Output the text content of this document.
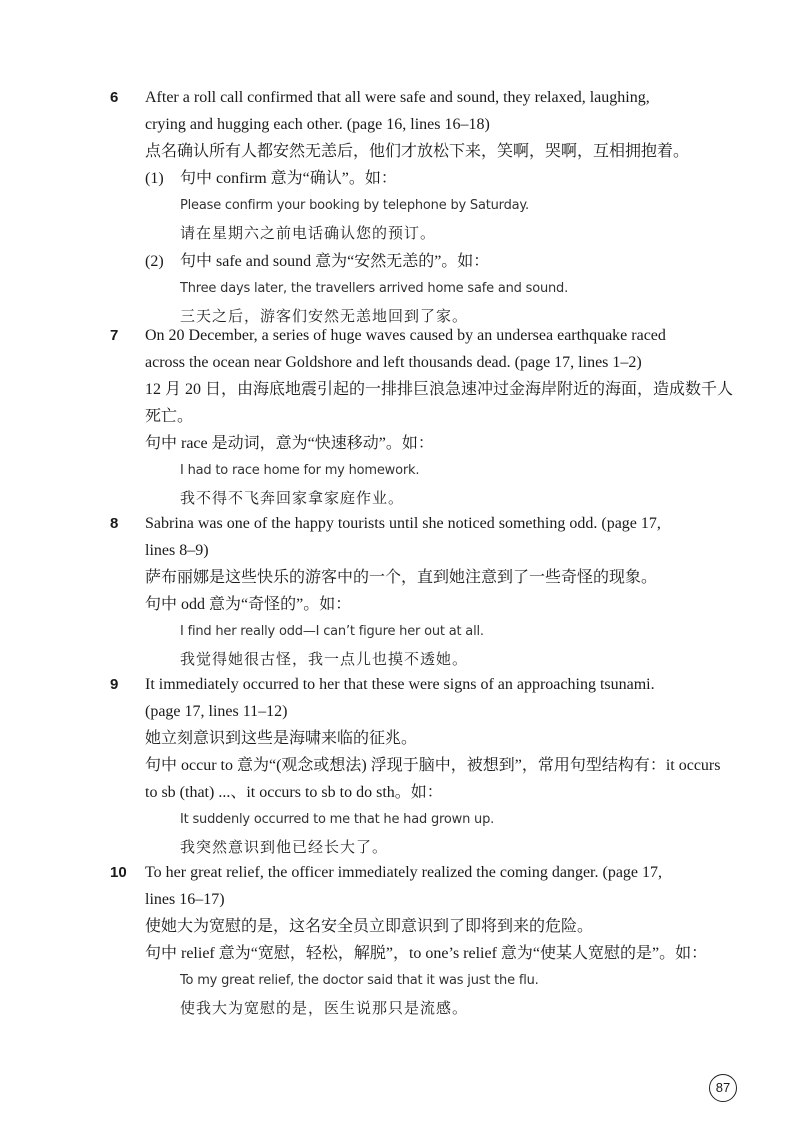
6	After a roll call confirmed that all were safe and sound, they relaxed, laughing,
crying and hugging each other. (page 16, lines 16–18)
点名确认所有人都安然无恙后，他们才放松下来，笑啊，哭啊，互相拥抱着。
(1) 句中 confirm 意为“确认”。如：
Please confirm your booking by telephone by Saturday.
请在星期六之前电话确认您的预订。
(2) 句中 safe and sound 意为“安然无恙的”。如：
Three days later, the travellers arrived home safe and sound.
三天之后，游客们安然无恙地回到了家。
7	On 20 December, a series of huge waves caused by an undersea earthquake raced
across the ocean near Goldshore and left thousands dead. (page 17, lines 1–2)
12 月 20 日，由海底地震引起的一排排巨浪急速冲过金海岸附近的海面，造成数千人
死亡。
句中 race 是动词，意为“快速移动”。如：
I had to race home for my homework.
我不得不飞奔回家拿家庭作业。
8	Sabrina was one of the happy tourists until she noticed something odd. (page 17,
lines 8–9)
萨布丽娜是这些快乐的游客中的一个，直到她注意到了一些奇怪的现象。
句中 odd 意为“奇怪的”。如：
I find her really odd—I can’t figure her out at all.
我觉得她很古怪，我一点儿也摸不透她。
9	It immediately occurred to her that these were signs of an approaching tsunami.
(page 17, lines 11–12)
她立刻意识到这些是海啸来临的征兆。
句中 occur to 意为“(观念或想法) 浮现于脑中，被想到”，常用句型结构有：it occurs
to sb (that) ...、it occurs to sb to do sth。如：
It suddenly occurred to me that he had grown up.
我突然意识到他已经长大了。
10	To her great relief, the officer immediately realized the coming danger. (page 17,
lines 16–17)
使她大为宽慰的是，这名安全员立即意识到了即将到来的危险。
句中 relief 意为“宽慰，轻松，解脱”，to one’s relief 意为“使某人宽慰的是”。如：
To my great relief, the doctor said that it was just the flu.
使我大为宽慰的是，医生说那只是流感。
87
